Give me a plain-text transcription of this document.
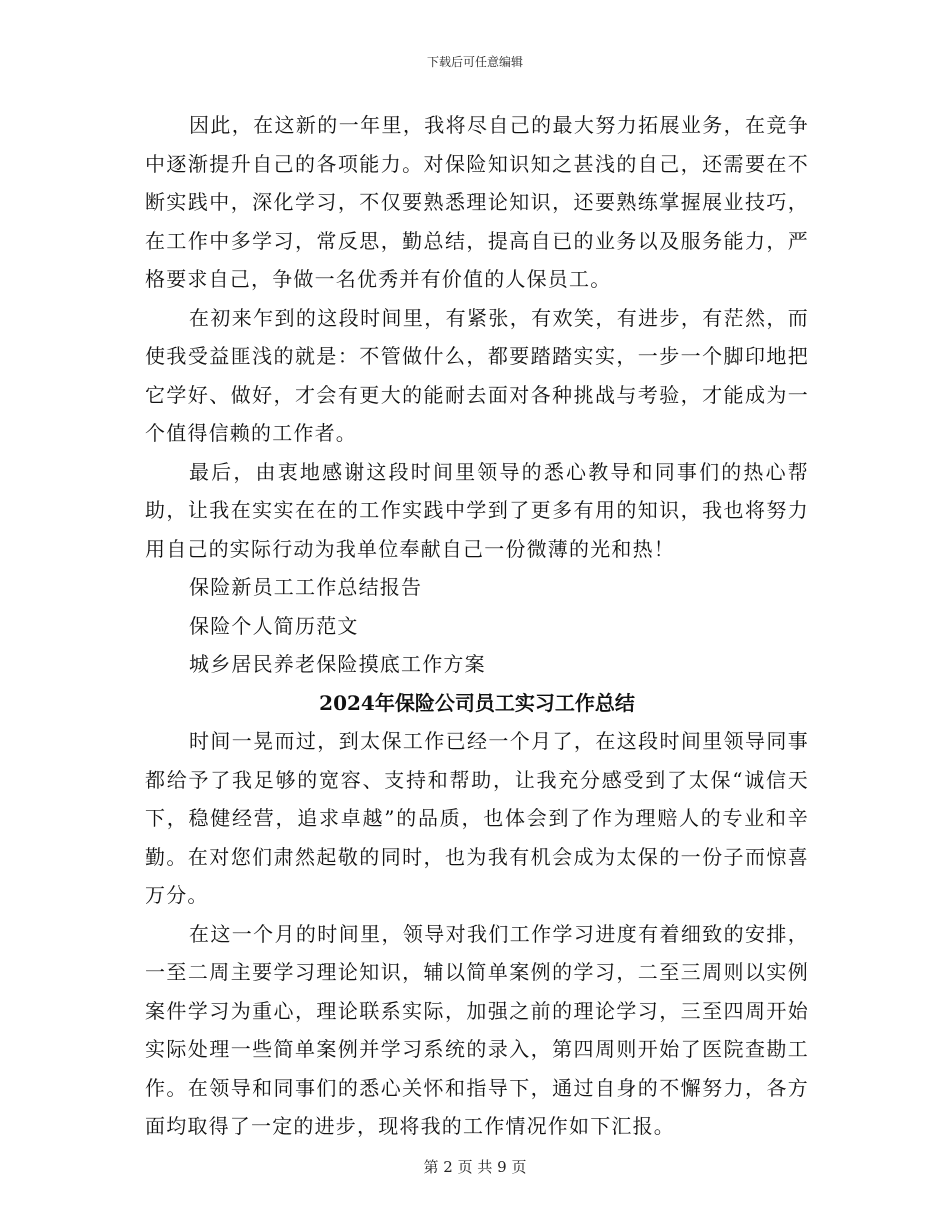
下载后可任意编辑

因此，在这新的一年里，我将尽自己的最大努力拓展业务，在竞争中逐渐提升自己的各项能力。对保险知识知之甚浅的自己，还需要在不断实践中，深化学习，不仅要熟悉理论知识，还要熟练掌握展业技巧，在工作中多学习，常反思，勤总结，提高自已的业务以及服务能力，严格要求自己，争做一名优秀并有价值的人保员工。

在初来乍到的这段时间里，有紧张，有欢笑，有进步，有茫然，而使我受益匪浅的就是：不管做什么，都要踏踏实实，一步一个脚印地把它学好、做好，才会有更大的能耐去面对各种挑战与考验，才能成为一个值得信赖的工作者。

最后，由衷地感谢这段时间里领导的悉心教导和同事们的热心帮助，让我在实实在在的工作实践中学到了更多有用的知识，我也将努力用自己的实际行动为我单位奉献自己一份微薄的光和热！

保险新员工工作总结报告

保险个人简历范文

城乡居民养老保险摸底工作方案

2024年保险公司员工实习工作总结

时间一晃而过，到太保工作已经一个月了，在这段时间里领导同事都给予了我足够的宽容、支持和帮助，让我充分感受到了太保“诚信天下，稳健经营，追求卓越”的品质，也体会到了作为理赔人的专业和辛勤。在对您们肃然起敬的同时，也为我有机会成为太保的一份子而惊喜万分。

在这一个月的时间里，领导对我们工作学习进度有着细致的安排，一至二周主要学习理论知识，辅以简单案例的学习，二至三周则以实例案件学习为重心，理论联系实际，加强之前的理论学习，三至四周开始实际处理一些简单案例并学习系统的录入，第四周则开始了医院查勘工作。在领导和同事们的悉心关怀和指导下，通过自身的不懈努力，各方面均取得了一定的进步，现将我的工作情况作如下汇报。

第 2 页 共 9 页
